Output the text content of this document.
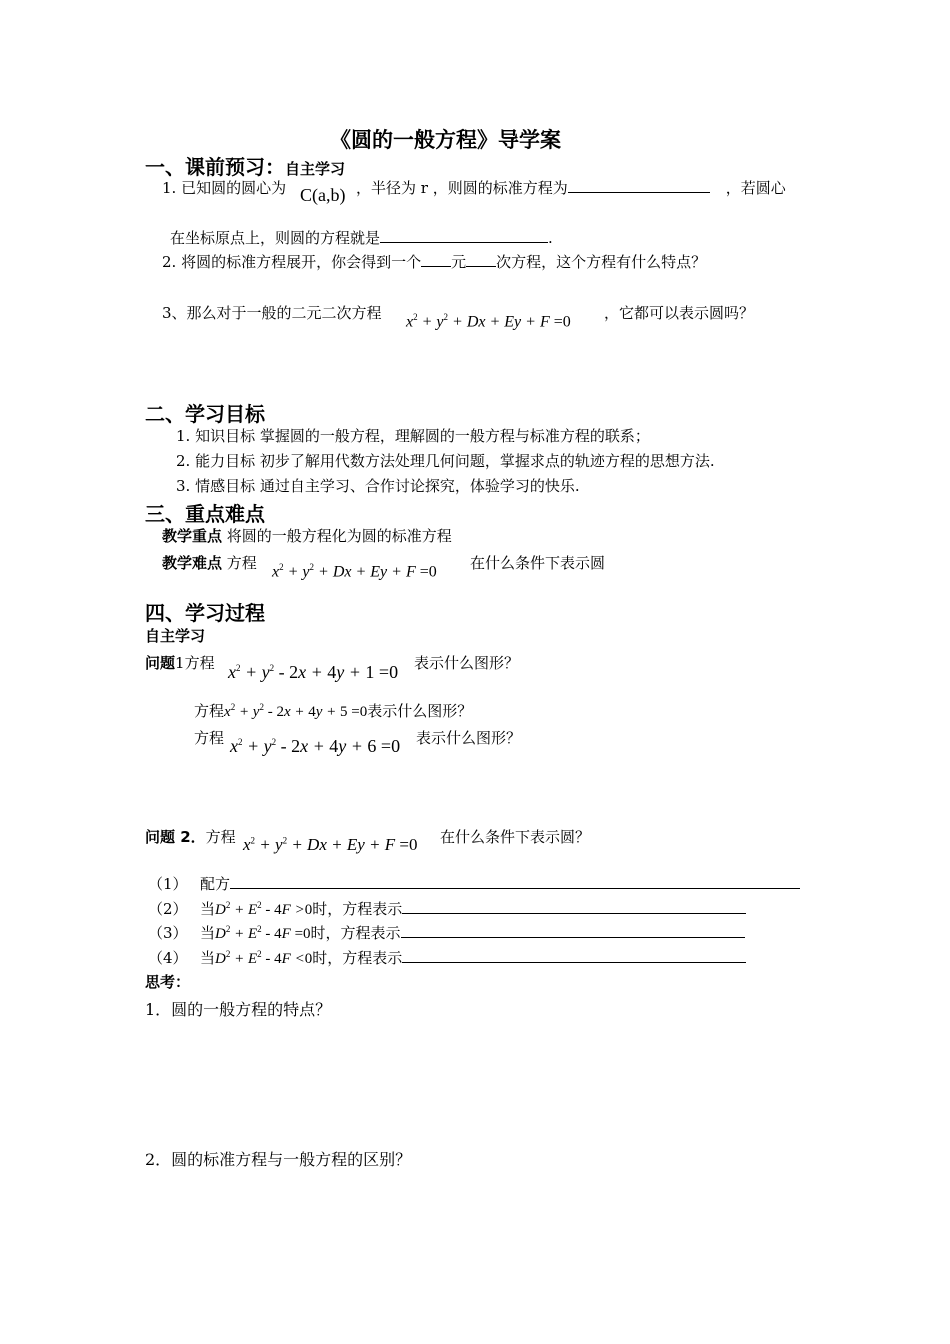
《圆的一般方程》导学案
一、课前预习：自主学习
1. 已知圆的圆心为 C(a,b) ，半径为 r ，则圆的标准方程为	，若圆心
在坐标原点上，则圆的方程就是	.
2. 将圆的标准方程展开，你会得到一个 元 次方程，这个方程有什么特点？
3、那么对于一般的二元二次方程 $x^2 + y^2 + Dx + Ey + F =0$ ，它都可以表示圆吗？
二、学习目标
1. 知识目标 掌握圆的一般方程，理解圆的一般方程与标准方程的联系；
2. 能力目标 初步了解用代数方法处理几何问题，掌握求点的轨迹方程的思想方法.
3. 情感目标 通过自主学习、合作讨论探究，体验学习的快乐.
三、重点难点
教学重点 将圆的一般方程化为圆的标准方程
教学难点 方程 $x^2 + y^2 + Dx + Ey + F =0$ 在什么条件下表示圆
四、学习过程
自主学习
问题1方程 $x^2 + y^2 - 2x + 4y + 1 =0$ 表示什么图形？
方程$x^2 + y^2 - 2x + 4y + 5 =0$表示什么图形？
方程 $x^2 + y^2 - 2x + 4y + 6 =0$ 表示什么图形？
问题 2．方程 $x^2 + y^2 + Dx + Ey + F =0$ 在什么条件下表示圆？
（1） 配方
（2） 当$D^2 + E^2 - 4F >0$时，方程表示
（3） 当$D^2 + E^2 - 4F =0$时，方程表示
（4） 当$D^2 + E^2 - 4F <0$时，方程表示
思考：
1．圆的一般方程的特点？
2．圆的标准方程与一般方程的区别？
